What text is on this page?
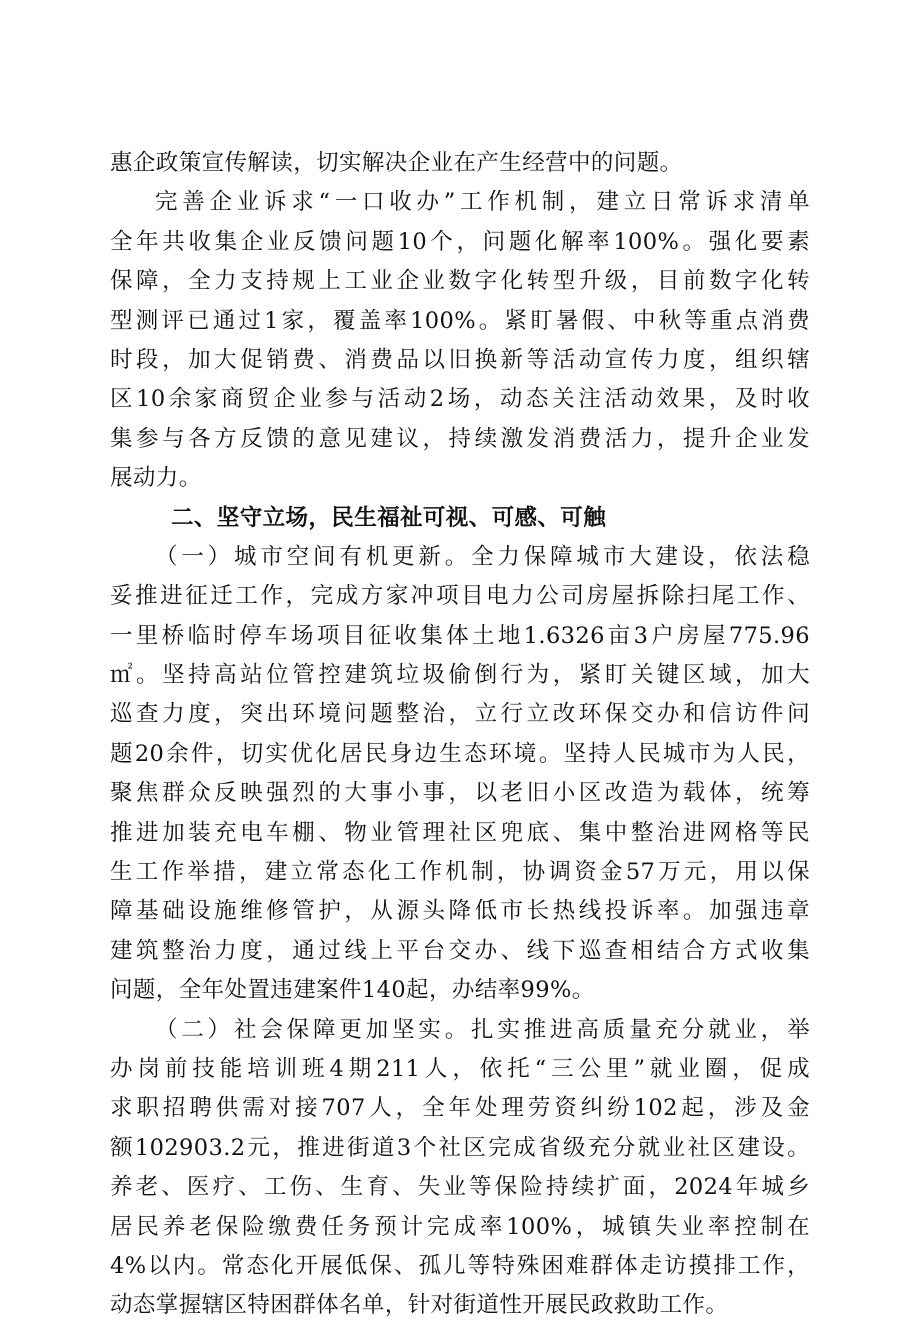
惠企政策宣传解读，切实解决企业在产生经营中的问题。
完善企业诉求“一口收办”工作机制，建立日常诉求清单
全年共收集企业反馈问题10个，问题化解率100%。强化要素
保障，全力支持规上工业企业数字化转型升级，目前数字化转
型测评已通过1家，覆盖率100%。紧盯暑假、中秋等重点消费
时段，加大促销费、消费品以旧换新等活动宣传力度，组织辖
区10余家商贸企业参与活动2场，动态关注活动效果，及时收
集参与各方反馈的意见建议，持续激发消费活力，提升企业发
展动力。
二、坚守立场，民生福祉可视、可感、可触
（一）城市空间有机更新。全力保障城市大建设，依法稳
妥推进征迁工作，完成方家冲项目电力公司房屋拆除扫尾工作、
一里桥临时停车场项目征收集体土地1.6326亩3户房屋775.96
㎡。坚持高站位管控建筑垃圾偷倒行为，紧盯关键区域，加大
巡查力度，突出环境问题整治，立行立改环保交办和信访件问
题20余件，切实优化居民身边生态环境。坚持人民城市为人民，
聚焦群众反映强烈的大事小事，以老旧小区改造为载体，统筹
推进加装充电车棚、物业管理社区兜底、集中整治进网格等民
生工作举措，建立常态化工作机制，协调资金57万元，用以保
障基础设施维修管护，从源头降低市长热线投诉率。加强违章
建筑整治力度，通过线上平台交办、线下巡查相结合方式收集
问题，全年处置违建案件140起，办结率99%。
（二）社会保障更加坚实。扎实推进高质量充分就业，举
办岗前技能培训班4期211人，依托“三公里”就业圈，促成
求职招聘供需对接707人，全年处理劳资纠纷102起，涉及金
额102903.2元，推进街道3个社区完成省级充分就业社区建设。
养老、医疗、工伤、生育、失业等保险持续扩面，2024年城乡
居民养老保险缴费任务预计完成率100%，城镇失业率控制在
4%以内。常态化开展低保、孤儿等特殊困难群体走访摸排工作，
动态掌握辖区特困群体名单，针对街道性开展民政救助工作。
